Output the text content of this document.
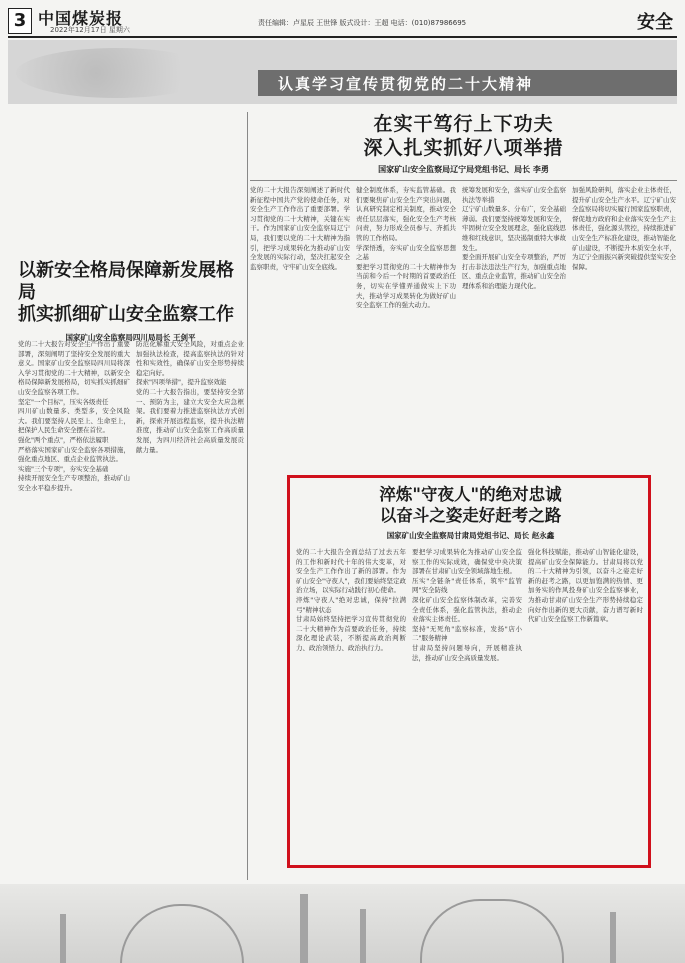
3 中国煤炭报
2022年12月17日 星期六
责任编辑：卢星辰 王世锋 版式设计：王超 电话：(010)87986695	安全
认真学习宣传贯彻党的二十大精神
在实干笃行上下功夫
深入扎实抓好八项举措
国家矿山安全监察局辽宁局党组书记、局长 李勇
党的二十大报告深刻阐述了新时代新征程中国共产党的使命任务，对安全生产工作作出了重要部署。学习贯彻党的二十大精神，关键在实干。作为国家矿山安全监察局辽宁局，我们要以党的二十大精神为指引，把学习成果转化为推动矿山安全发展的实际行动，坚决扛起安全监察职责，守牢矿山安全底线。
健全制度体系，夯实监管基础。我们要聚焦矿山安全生产突出问题，认真研究制定相关制度，推动安全责任层层落实，强化安全生产考核问责，努力形成全员参与、齐抓共管的工作格局。
学深悟透，夯实矿山安全监察思想之基
要把学习贯彻党的二十大精神作为当前和今后一个时期的首要政治任务，切实在学懂弄通做实上下功夫，推动学习成果转化为做好矿山安全监察工作的强大动力。
统筹发展和安全，落实矿山安全监察执法等举措
辽宁矿山数量多、分布广，安全基础薄弱。我们要坚持统筹发展和安全，牢固树立安全发展理念，强化底线思维和红线意识，坚决遏制重特大事故发生。
要全面开展矿山安全专项整治，严厉打击非法违法生产行为，加强重点地区、重点企业监管，推动矿山安全治理体系和治理能力现代化。
加强风险研判，落实企业主体责任，提升矿山安全生产水平。辽宁矿山安全监察局将切实履行国家监察职责，督促地方政府和企业落实安全生产主体责任，强化源头管控，持续推进矿山安全生产标准化建设，推动智能化矿山建设，不断提升本质安全水平，为辽宁全面振兴新突破提供坚实安全保障。
以新安全格局保障新发展格局
抓实抓细矿山安全监察工作
国家矿山安全监察局四川局局长 王剑平
党的二十大报告对安全生产作出了重要部署，深刻阐明了坚持安全发展的重大意义。国家矿山安全监察局四川局将深入学习贯彻党的二十大精神，以新安全格局保障新发展格局，切实抓实抓细矿山安全监察各项工作。
坚定"一个目标"，压实各级责任
四川矿山数量多、类型多，安全风险大。我们要坚持人民至上、生命至上，把保护人民生命安全摆在首位。
强化"两个重点"，严格依法履职
严格落实国家矿山安全监察各项措施，强化重点地区、重点企业监管执法。
实施"三个专项"，夯实安全基础
持续开展安全生产专项整治，推动矿山安全水平稳步提升。
防范化解重大安全风险，对重点企业加强执法检查，提高监察执法的针对性和实效性，确保矿山安全形势持续稳定向好。
探索"四项举措"，提升监察效能
党的二十大报告指出，要坚持安全第一、预防为主，建立大安全大应急框架。我们要着力推进监察执法方式创新，探索开展远程监察，提升执法精准度，推动矿山安全监察工作高质量发展，为四川经济社会高质量发展贡献力量。
淬炼"守夜人"的绝对忠诚
以奋斗之姿走好赶考之路
国家矿山安全监察局甘肃局党组书记、局长 赵永鑫
党的二十大报告全面总结了过去五年的工作和新时代十年的伟大变革，对安全生产工作作出了新的部署。作为矿山安全"守夜人"，我们要始终坚定政治立场，以实际行动践行初心使命。
淬炼"守夜人"绝对忠诚，保持"拉满弓"精神状态
甘肃局始终坚持把学习宣传贯彻党的二十大精神作为首要政治任务，持续深化理论武装，不断提高政治判断力、政治领悟力、政治执行力。
要把学习成果转化为推动矿山安全监察工作的实际成效，确保党中央决策部署在甘肃矿山安全领域落地生根。
压实"全链条"责任体系，筑牢"监管网"安全防线
深化矿山安全监察体制改革，完善安全责任体系，强化监管执法，推动企业落实主体责任。
坚持"无死角"监察标准，发扬"店小二"服务精神
甘肃局坚持问题导向，开展精准执法，推动矿山安全高质量发展。
强化科技赋能，推动矿山智能化建设，提高矿山安全保障能力。甘肃局将以党的二十大精神为引领，以奋斗之姿走好新的赶考之路，以更加饱满的热情、更加务实的作风投身矿山安全监察事业，为推动甘肃矿山安全生产形势持续稳定向好作出新的更大贡献，奋力谱写新时代矿山安全监察工作新篇章。
